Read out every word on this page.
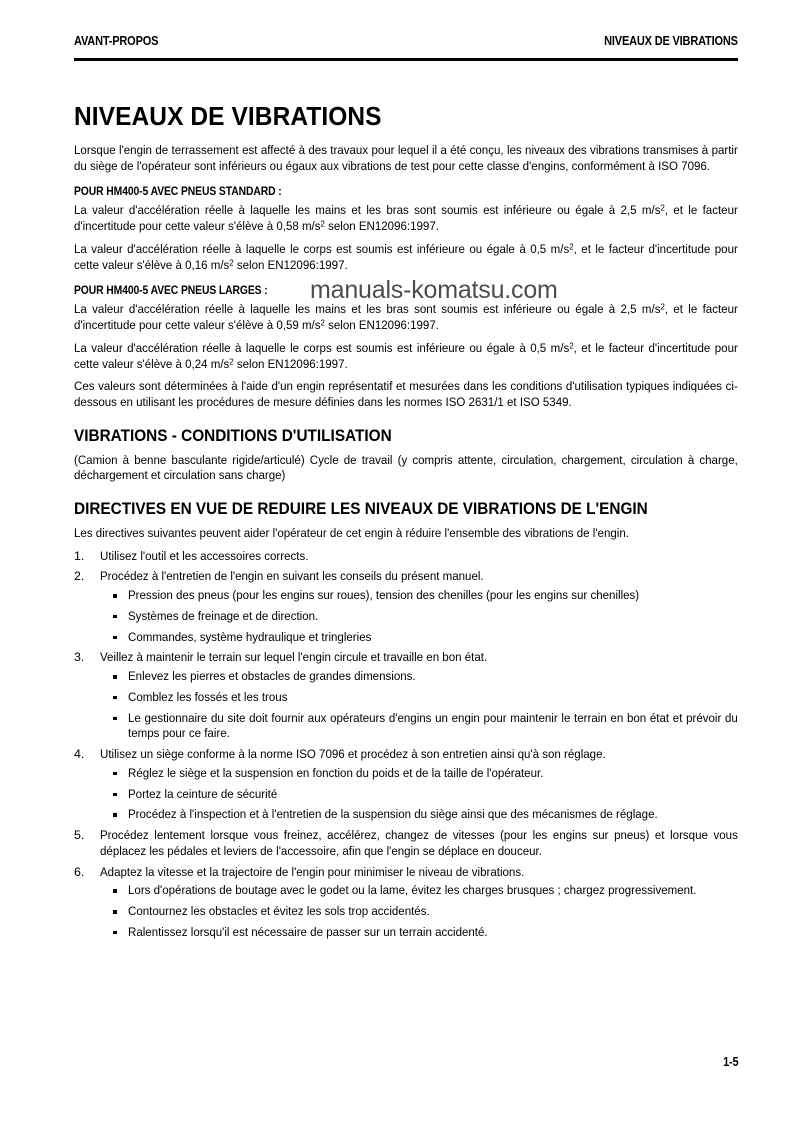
AVANT-PROPOS	NIVEAUX DE VIBRATIONS
NIVEAUX DE VIBRATIONS

Lorsque l'engin de terrassement est affecté à des travaux pour lequel il a été conçu, les niveaux des vibrations transmises à partir du siège de l'opérateur sont inférieurs ou égaux aux vibrations de test pour cette classe d'engins, conformément à ISO 7096.

POUR HM400-5 AVEC PNEUS STANDARD :

La valeur d'accélération réelle à laquelle les mains et les bras sont soumis est inférieure ou égale à 2,5 $m/s^2$, et le facteur d'incertitude pour cette valeur s'élève à 0,58 $m/s^2$ selon EN12096:1997.

La valeur d'accélération réelle à laquelle le corps est soumis est inférieure ou égale à 0,5 $m/s^2$, et le facteur d'incertitude pour cette valeur s'élève à 0,16 $m/s^2$ selon EN12096:1997.

POUR HM400-5 AVEC PNEUS LARGES :

La valeur d'accélération réelle à laquelle les mains et les bras sont soumis est inférieure ou égale à 2,5 $m/s^2$, et le facteur d'incertitude pour cette valeur s'élève à 0,59 $m/s^2$ selon EN12096:1997.

La valeur d'accélération réelle à laquelle le corps est soumis est inférieure ou égale à 0,5 $m/s^2$, et le facteur d'incertitude pour cette valeur s'élève à 0,24 $m/s^2$ selon EN12096:1997.

Ces valeurs sont déterminées à l'aide d'un engin représentatif et mesurées dans les conditions d'utilisation typiques indiquées ci-dessous en utilisant les procédures de mesure définies dans les normes ISO 2631/1 et ISO 5349.

VIBRATIONS - CONDITIONS D'UTILISATION

(Camion à benne basculante rigide/articulé) Cycle de travail (y compris attente, circulation, chargement, circulation à charge, déchargement et circulation sans charge)

DIRECTIVES EN VUE DE REDUIRE LES NIVEAUX DE VIBRATIONS DE L'ENGIN

Les directives suivantes peuvent aider l'opérateur de cet engin à réduire l'ensemble des vibrations de l'engin.

1.	Utilisez l'outil et les accessoires corrects.
2.	Procédez à l'entretien de l'engin en suivant les conseils du présent manuel.
Pression des pneus (pour les engins sur roues), tension des chenilles (pour les engins sur chenilles)
Systèmes de freinage et de direction.
Commandes, système hydraulique et tringleries
3.	Veillez à maintenir le terrain sur lequel l'engin circule et travaille en bon état.
Enlevez les pierres et obstacles de grandes dimensions.
Comblez les fossés et les trous
Le gestionnaire du site doit fournir aux opérateurs d'engins un engin pour maintenir le terrain en bon état et prévoir du temps pour ce faire.
4.	Utilisez un siège conforme à la norme ISO 7096 et procédez à son entretien ainsi qu'à son réglage.
Réglez le siège et la suspension en fonction du poids et de la taille de l'opérateur.
Portez la ceinture de sécurité
Procédez à l'inspection et à l'entretien de la suspension du siège ainsi que des mécanismes de réglage.
5.	Procédez lentement lorsque vous freinez, accélérez, changez de vitesses (pour les engins sur pneus) et lorsque vous déplacez les pédales et leviers de l'accessoire, afin que l'engin se déplace en douceur.
6.	Adaptez la vitesse et la trajectoire de l'engin pour minimiser le niveau de vibrations.
Lors d'opérations de boutage avec le godet ou la lame, évitez les charges brusques ; chargez progressivement.
Contournez les obstacles et évitez les sols trop accidentés.
Ralentissez lorsqu'il est nécessaire de passer sur un terrain accidenté.
manuals-komatsu.com
1-5
